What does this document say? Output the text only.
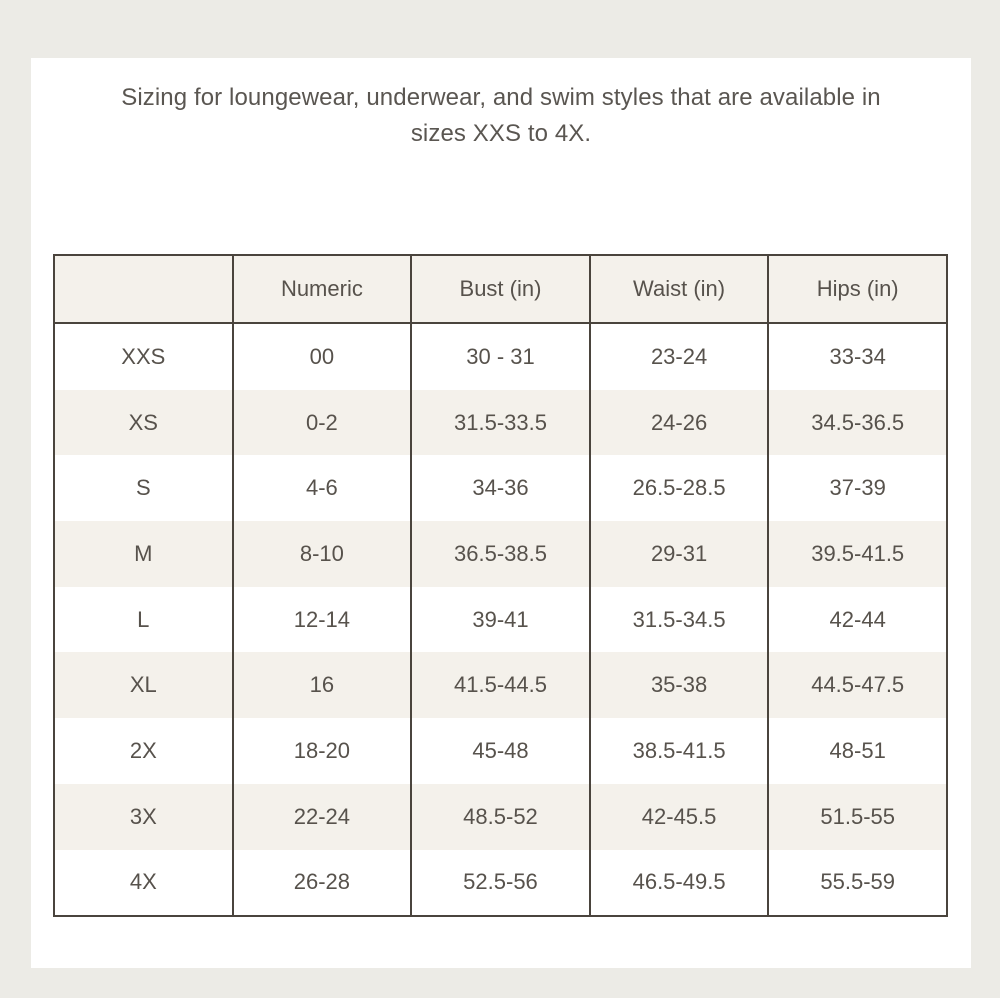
Sizing for loungewear, underwear, and swim styles that are available in
sizes XXS to 4X.

	Numeric	Bust (in)	Waist (in)	Hips (in)
XXS	00	30 - 31	23-24	33-34
XS	0-2	31.5-33.5	24-26	34.5-36.5
S	4-6	34-36	26.5-28.5	37-39
M	8-10	36.5-38.5	29-31	39.5-41.5
L	12-14	39-41	31.5-34.5	42-44
XL	16	41.5-44.5	35-38	44.5-47.5
2X	18-20	45-48	38.5-41.5	48-51
3X	22-24	48.5-52	42-45.5	51.5-55
4X	26-28	52.5-56	46.5-49.5	55.5-59
